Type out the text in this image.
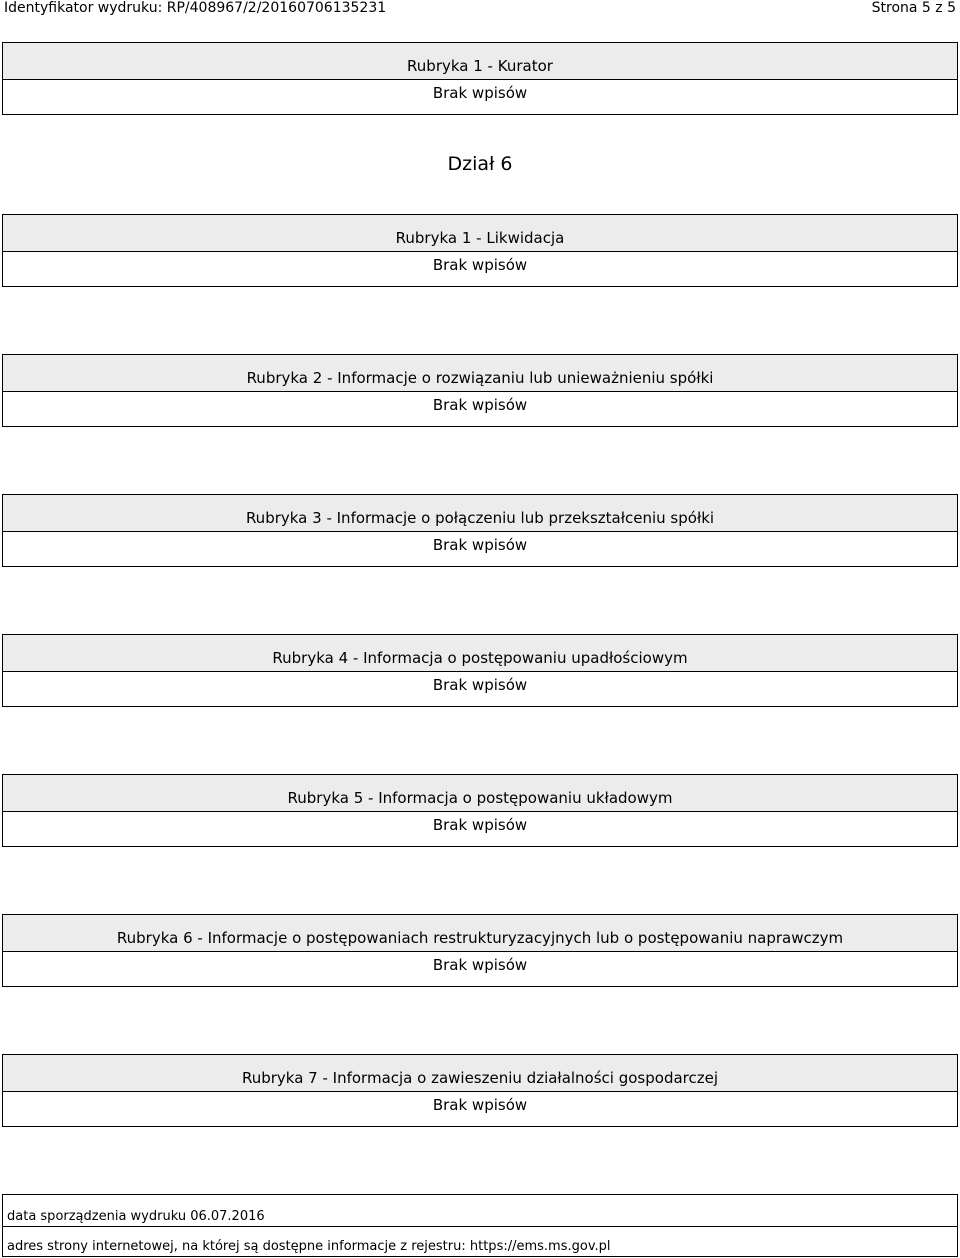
Identyfikator wydruku: RP/408967/2/20160706135231	Strona 5 z 5
Rubryka 1 - Kurator
Brak wpisów
Dział 6
Rubryka 1 - Likwidacja
Brak wpisów
Rubryka 2 - Informacje o rozwiązaniu lub unieważnieniu spółki
Brak wpisów
Rubryka 3 - Informacje o połączeniu lub przekształceniu spółki
Brak wpisów
Rubryka 4 - Informacja o postępowaniu upadłościowym
Brak wpisów
Rubryka 5 - Informacja o postępowaniu układowym
Brak wpisów
Rubryka 6 - Informacje o postępowaniach restrukturyzacyjnych lub o postępowaniu naprawczym
Brak wpisów
Rubryka 7 - Informacja o zawieszeniu działalności gospodarczej
Brak wpisów
data sporządzenia wydruku 06.07.2016
adres strony internetowej, na której są dostępne informacje z rejestru: https://ems.ms.gov.pl
